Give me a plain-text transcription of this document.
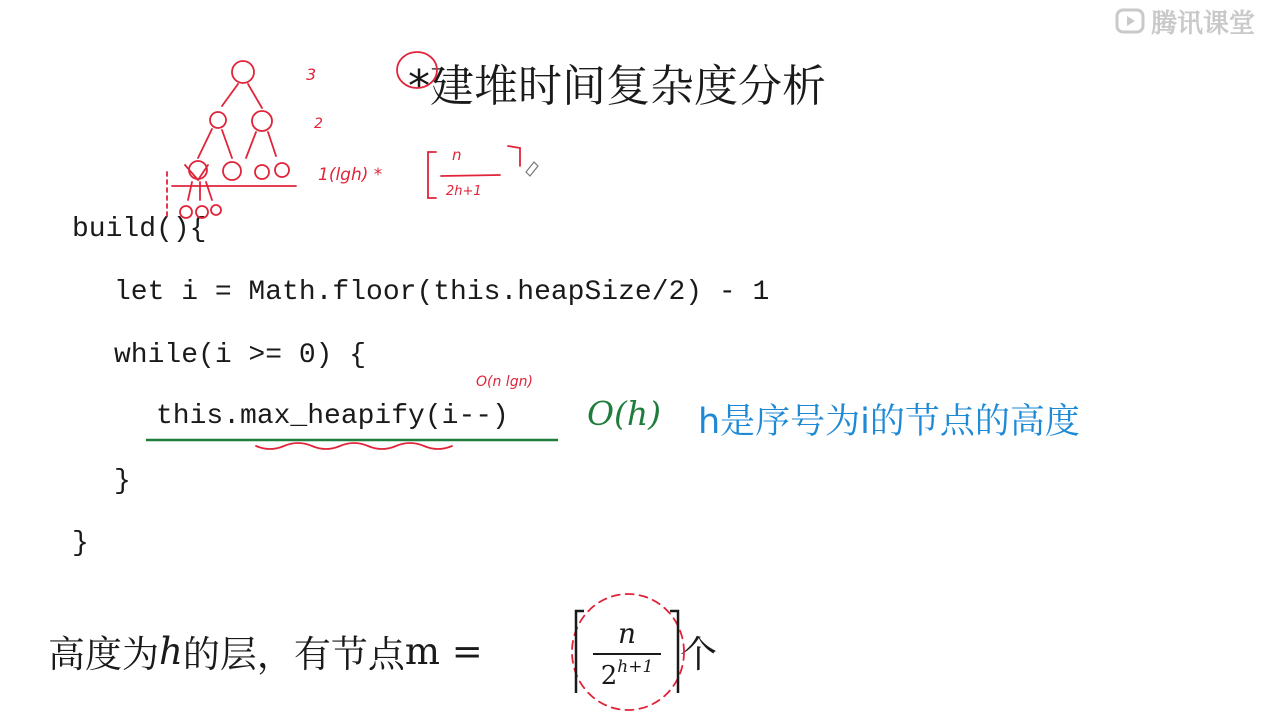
腾讯课堂
*建堆时间复杂度分析
build(){
let i = Math.floor(this.heapSize/2) - 1
while(i >= 0) {
this.max_heapify(i--)
}
}
O(h) h是序号为i的节点的高度
高度为 h 的层，有节点 m =	n
$2^{h+1}$ 个
3
2
1(lgh) *
n
2h+1
O(n lgn)
